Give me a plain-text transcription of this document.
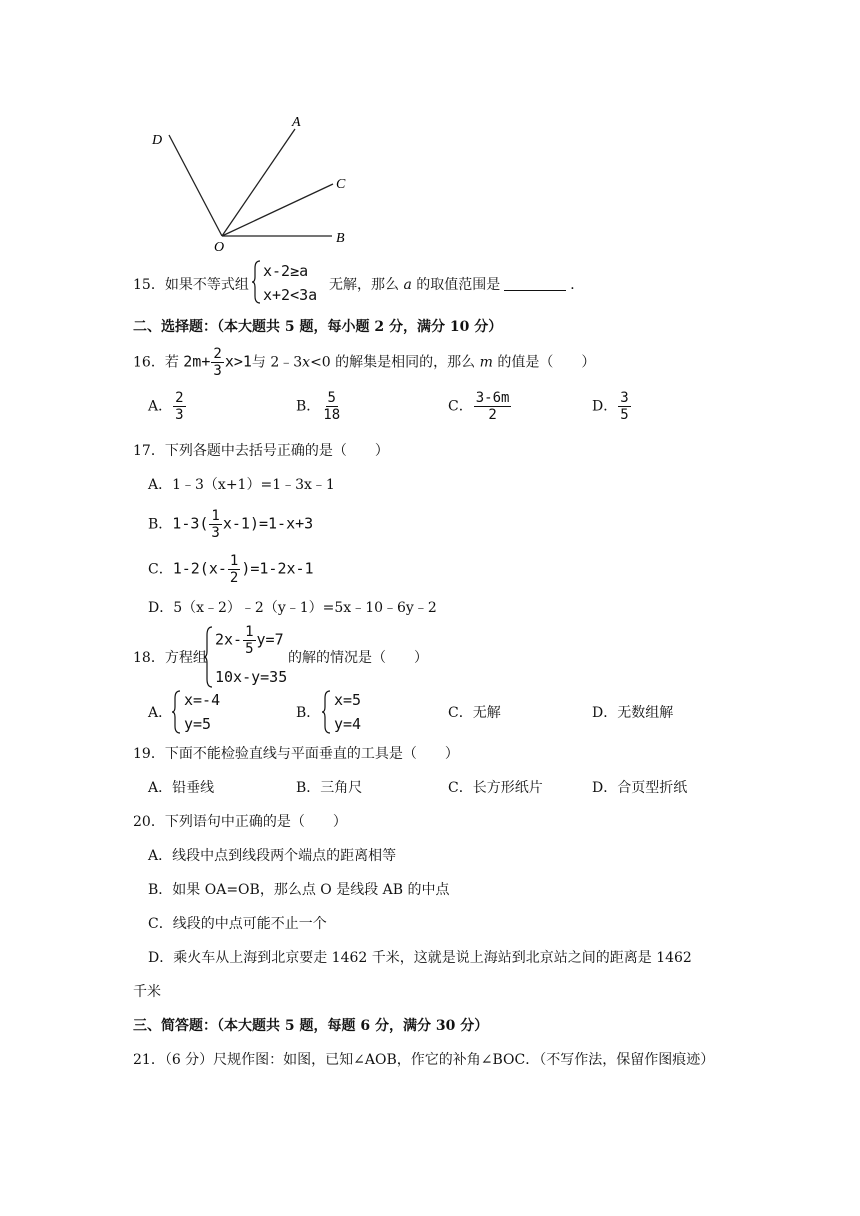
D
A
C
O
B
15．如果不等式组
x-2≥a
x+2<3a
无解，那么 a 的取值范围是	．
二、选择题：（本大题共 5 题，每小题 2 分，满分 10 分）
16．若 $2m+ \frac{2}{3} x>1$与 2﹣3x<0 的解集是相同的，那么 m 的值是（　　）
A． $\frac{2}{3}$	B． $\frac{5}{18}$	C． $\frac{3-6m}{2}$	D． $\frac{3}{5}$
17．下列各题中去括号正确的是（　　）
A．1﹣3（x+1）=1﹣3x﹣1
B．$1-3( \frac{1}{3} x-1)=1-x+3$
C．$1-2(x- \frac{1}{2} )=1-2x-1$
D．5（x﹣2）﹣2（y﹣1）=5x﹣10﹣6y﹣2
18．方程组
$2x- \frac{1}{5} y=7$
10x-y=35
的解的情况是（　　）
A．
x=-4
y=5
B．
x=5
y=4
C．无解	D．无数组解
19．下面不能检验直线与平面垂直的工具是（　　）
A．铅垂线	B．三角尺	C．长方形纸片	D．合页型折纸
20．下列语句中正确的是（　　）
A．线段中点到线段两个端点的距离相等
B．如果 OA=OB，那么点 O 是线段 AB 的中点
C．线段的中点可能不止一个
D．乘火车从上海到北京要走 1462 千米，这就是说上海站到北京站之间的距离是 1462
千米
三、简答题：（本大题共 5 题，每题 6 分，满分 30 分）
21．（6 分）尺规作图：如图，已知∠AOB，作它的补角∠BOC．（不写作法，保留作图痕迹）
